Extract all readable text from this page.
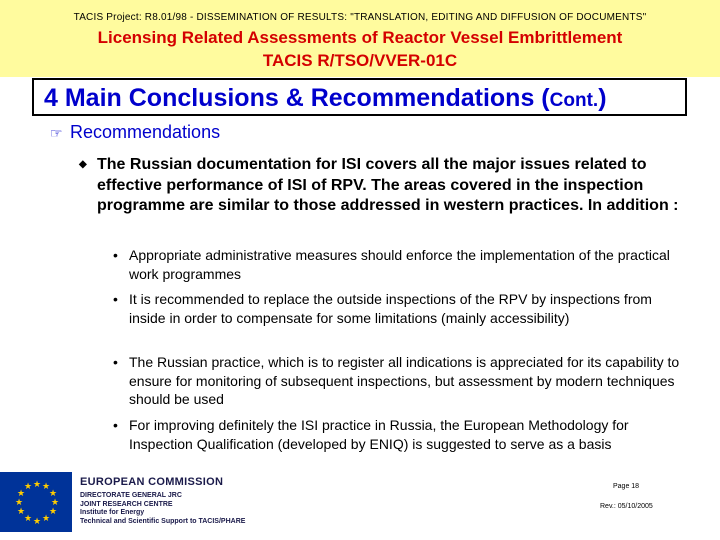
TACIS Project: R8.01/98 - DISSEMINATION OF RESULTS: "TRANSLATION, EDITING AND DIFFUSION OF DOCUMENTS"
Licensing Related Assessments of Reactor Vessel Embrittlement
TACIS R/TSO/VVER-01C
4 Main Conclusions & Recommendations (Cont.)
☞ Recommendations
◆ The Russian documentation for ISI covers all the major issues related to effective performance of ISI of RPV. The areas covered in the inspection programme are similar to those addressed in western practices. In addition :
• Appropriate administrative measures should enforce the implementation of the practical work programmes
• It is recommended to replace the outside inspections of the RPV by inspections from inside in order to compensate for some limitations (mainly accessibility)
• The Russian practice, which is to register all indications is appreciated for its capability to ensure for monitoring of subsequent inspections, but assessment by modern techniques should be used
• For improving definitely the ISI practice in Russia, the European Methodology for Inspection Qualification (developed by ENIQ) is suggested to serve as a basis
★ ★
★
★
★
★
★
★
★
★
★
★	EUROPEAN COMMISSION
DIRECTORATE GENERAL JRC
JOINT RESEARCH CENTRE
Institute for Energy
Technical and Scientific Support to TACIS/PHARE
Page 18
Rev.: 05/10/2005
